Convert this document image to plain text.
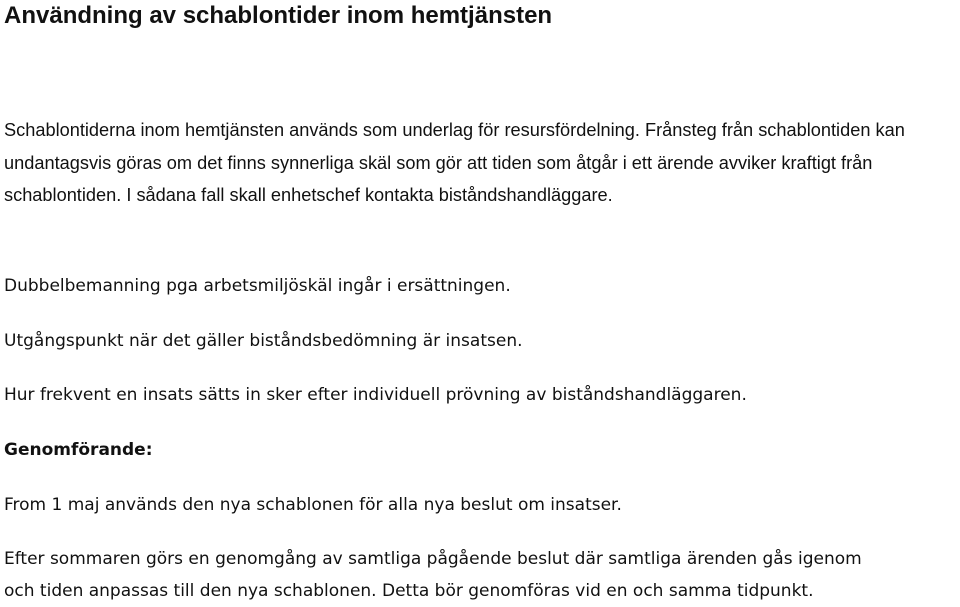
Användning av schablontider inom hemtjänsten

Schablontiderna inom hemtjänsten används som underlag för resursfördelning. Frånsteg från schablontiden kan undantagsvis göras om det finns synnerliga skäl som gör att tiden som åtgår i ett ärende avviker kraftigt från schablontiden. I sådana fall skall enhetschef kontakta biståndshandläggare.

Dubbelbemanning pga arbetsmiljöskäl ingår i ersättningen.

Utgångspunkt när det gäller biståndsbedömning är insatsen.

Hur frekvent en insats sätts in sker efter individuell prövning av biståndshandläggaren.

Genomförande:

From 1 maj används den nya schablonen för alla nya beslut om insatser.

Efter sommaren görs en genomgång av samtliga pågående beslut där samtliga ärenden gås igenom

och tiden anpassas till den nya schablonen. Detta bör genomföras vid en och samma tidpunkt.
